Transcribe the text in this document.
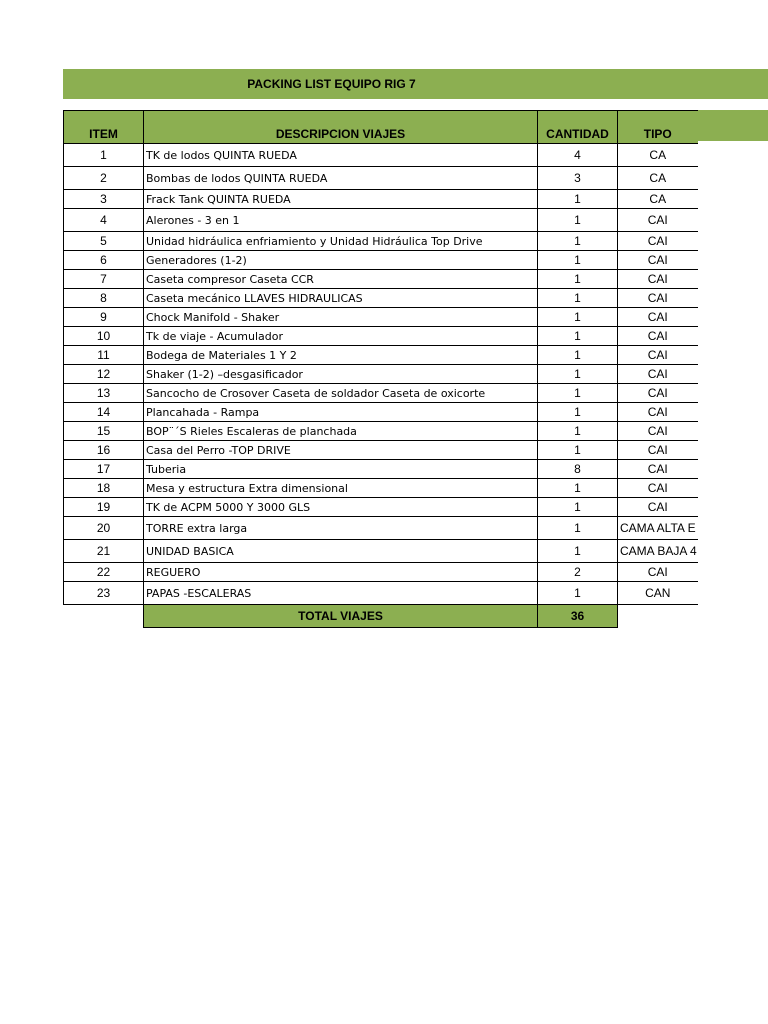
PACKING LIST EQUIPO RIG 7
ITEM	DESCRIPCION VIAJES	CANTIDAD	TIPO
1	TK de lodos QUINTA RUEDA	4	CA
2	Bombas de lodos QUINTA RUEDA	3	CA
3	Frack Tank QUINTA RUEDA	1	CA
4	Alerones - 3 en 1	1	CAI
5	Unidad hidráulica enfriamiento y Unidad Hidráulica Top Drive	1	CAI
6	Generadores (1-2)	1	CAI
7	Caseta compresor Caseta CCR	1	CAI
8	Caseta mecánico LLAVES HIDRAULICAS	1	CAI
9	Chock Manifold - Shaker	1	CAI
10	Tk de viaje - Acumulador	1	CAI
11	Bodega de Materiales 1 Y 2	1	CAI
12	Shaker (1-2) –desgasificador	1	CAI
13	Sancocho de Crosover Caseta de soldador Caseta de oxicorte	1	CAI
14	Plancahada - Rampa	1	CAI
15	BOP¨´S Rieles Escaleras de planchada	1	CAI
16	Casa del Perro -TOP DRIVE	1	CAI
17	Tuberia	8	CAI
18	Mesa y estructura Extra dimensional	1	CAI
19	TK de ACPM 5000 Y 3000 GLS	1	CAI
20	TORRE extra larga	1	CAMA ALTA E
21	UNIDAD BASICA	1	CAMA BAJA 4
22	REGUERO	2	CAI
23	PAPAS -ESCALERAS	1	CAN
	TOTAL VIAJES	36	
